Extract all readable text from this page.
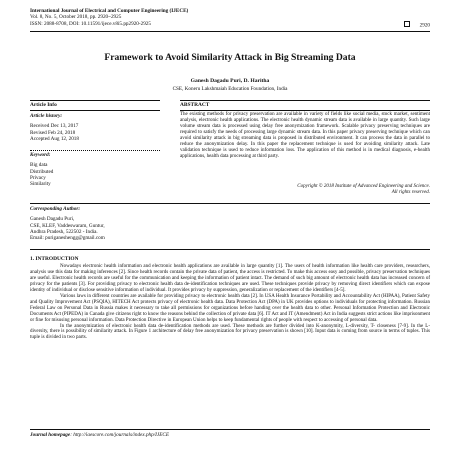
International Journal of Electrical and Computer Engineering (IJECE)
Vol. 8, No. 5, October 2018, pp. 2920~2925
ISSN: 2088-8708, DOI: 10.11591/ijece.v8i5.pp2920-2925	2920
Framework to Avoid Similarity Attack in Big Streaming Data
Ganesh Dagadu Puri, D. Haritha
CSE, Koneru Lakshmaiah Education Foundation, India
Article Info	ABSTRACT
Article history:

Received Dec 13, 2017

Revised Feb 24, 2018

Accepted Aug 12, 2018

Keyword:

Big data

Distributed

Privacy

Similarity

The existing methods for privacy preservation are available in variety of fields like social media, stock market, sentiment analysis, electronic health applications. The electronic health dynamic stream data is available in large quantity. Such large volume stream data is processed using delay free anonymization framework. Scalable privacy preserving techniques are required to satisfy the needs of processing large dynamic stream data. In this paper privacy preserving technique which can avoid similarity attack in big streaming data is proposed in distributed environment. It can process the data in parallel to reduce the anonymization delay. In this paper the replacement technique is used for avoiding similarity attack. Late validation technique is used to reduce information loss. The application of this method is in medical diagnosis, e-health applications, health data processing at third party.
Copyright © 2018 Institute of Advanced Engineering and Science.
All rights reserved.
Corresponding Author:

Ganesh Dagadu Puri,

CSE, KLEF, Vaddeswaram, Guntur,

Andhra Pradesh, 522502 - India.

Email: puriganeshengg@gmail.com

1. INTRODUCTION

Nowadays electronic health information and electronic health applications are available in large quantity [1]. The users of health information like health care providers, researchers, analysis use this data for making inferences [2]. Since health records contain the private data of patient, the access is restricted. To make this access easy and possible, privacy preservation techniques are useful. Electronic health records are useful for the communication and keeping the information of patient intact. The demand of such big amount of electronic health data has increased concern of privacy for the patients [3]. For providing privacy to electronic health data de-identification techniques are used. These techniques provide privacy by removing direct identifiers which can expose identity of individual or disclose sensitive information of individual. It provides privacy by suppression, generalization or replacement of the identifiers [4-5].

Various laws in different countries are available for providing privacy to electronic health data [2]. In USA Health Insurance Portability and Accountability Act (HIPAA), Patient Safety and Quality Improvement Act (PSQIA), HITECH Act protects privacy of electronic health data. Data Protection Act (DPA) in UK provides options to individuals for protecting information. Russian Federal Law on Personal Data in Russia makes it necessary to take all permissions for organizations before handing over the health data to other. Personal Information Protection and Electronic Documents Act (PIPEDA) in Canada give citizens right to know the reasons behind the collection of private data [6]. IT Act and IT (Amendment) Act in India suggests strict actions like imprisonment or fine for misusing personal information. Data Protection Directive in European Union helps to keep fundamental rights of people with respect to accessing of personal data.

In the anonymization of electronic health data de-identification methods are used. These methods are further divided into K-anonymity, L-diversity, T- closeness [7-9]. In the L-diversity, there is possibility of similarity attack. In Figure 1 architecture of delay free anonymization for privacy preservation is shown [10]. Input data is coming from source in terms of tuples. This tuple is divided in two parts.

Journal homepage: http://iaescore.com/journals/index.php/IJECE
